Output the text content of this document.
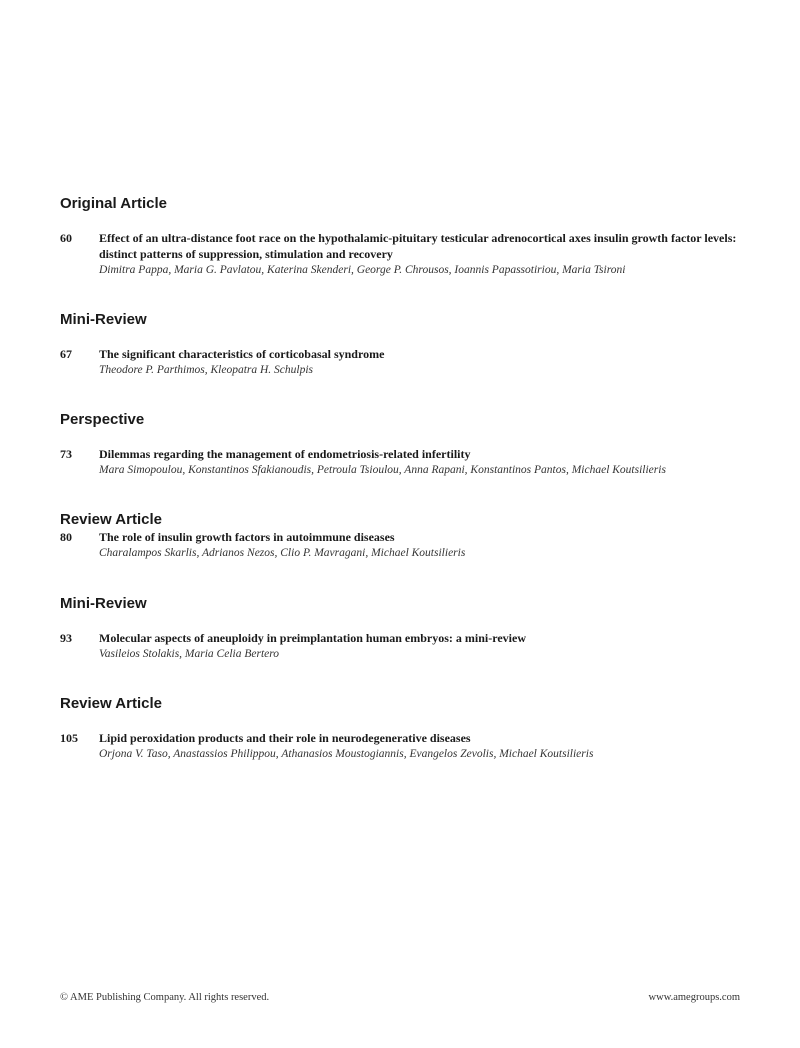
Original Article
60	Effect of an ultra-distance foot race on the hypothalamic-pituitary testicular adrenocortical axes insulin growth factor levels: distinct patterns of suppression, stimulation and recovery
Dimitra Pappa, Maria G. Pavlatou, Katerina Skenderi, George P. Chrousos, Ioannis Papassotiriou, Maria Tsironi
Mini-Review
67	The significant characteristics of corticobasal syndrome
Theodore P. Parthimos, Kleopatra H. Schulpis
Perspective
73	Dilemmas regarding the management of endometriosis-related infertility
Mara Simopoulou, Konstantinos Sfakianoudis, Petroula Tsioulou, Anna Rapani, Konstantinos Pantos, Michael Koutsilieris
Review Article
80	The role of insulin growth factors in autoimmune diseases
Charalampos Skarlis, Adrianos Nezos, Clio P. Mavragani, Michael Koutsilieris
Mini-Review
93	Molecular aspects of aneuploidy in preimplantation human embryos: a mini-review
Vasileios Stolakis, Maria Celia Bertero
Review Article
105	Lipid peroxidation products and their role in neurodegenerative diseases
Orjona V. Taso, Anastassios Philippou, Athanasios Moustogiannis, Evangelos Zevolis, Michael Koutsilieris
© AME Publishing Company. All rights reserved.	www.amegroups.com
